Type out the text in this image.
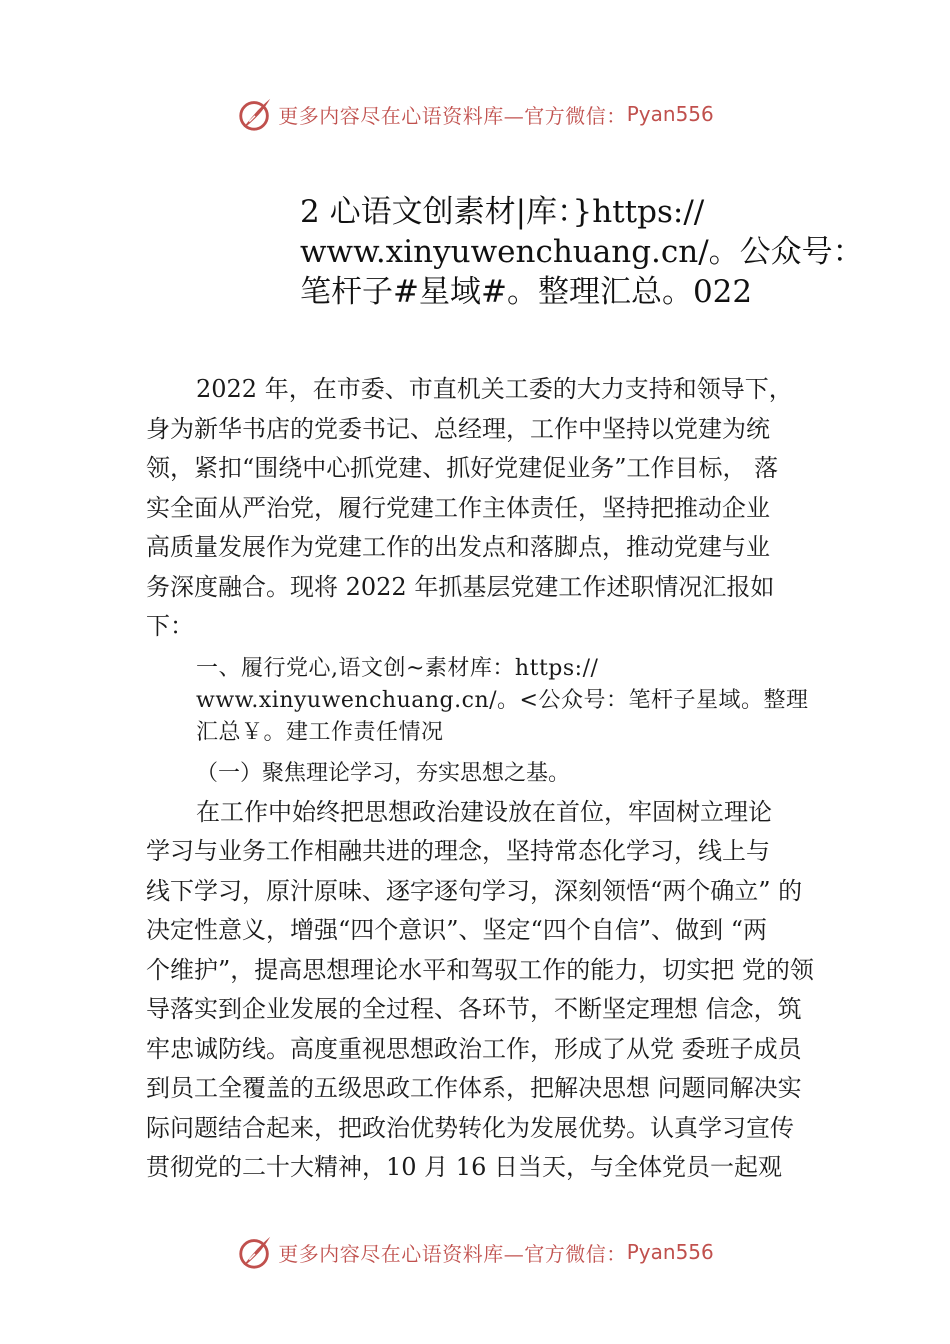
更多内容尽在心语资料库—官方微信： Pyan556
2 心语文创素材|库：}https://
www.xinyuwenchuang.cn/。公众号：
笔杆子#星域#。整理汇总。022

2022 年，在市委、市直机关工委的大力支持和领导下，

身为新华书店的党委书记、总经理，工作中坚持以党建为统

领，紧扣“围绕中心抓党建、抓好党建促业务”工作目标， 落

实全面从严治党，履行党建工作主体责任，坚持把推动企业

高质量发展作为党建工作的出发点和落脚点，推动党建与业

务深度融合。现将 2022 年抓基层党建工作述职情况汇报如

下：

一、履行党心,语文创~素材库：https://
www.xinyuwenchuang.cn/。<公众号：笔杆子星域。整理
汇总￥。建工作责任情况
（一）聚焦理论学习，夯实思想之基。

在工作中始终把思想政治建设放在首位，牢固树立理论

学习与业务工作相融共进的理念，坚持常态化学习，线上与

线下学习，原汁原味、逐字逐句学习，深刻领悟“两个确立” 的

决定性意义，增强“四个意识”、坚定“四个自信”、做到 “两

个维护”，提高思想理论水平和驾驭工作的能力，切实把 党的领

导落实到企业发展的全过程、各环节，不断坚定理想 信念，筑

牢忠诚防线。高度重视思想政治工作，形成了从党 委班子成员

到员工全覆盖的五级思政工作体系，把解决思想 问题同解决实

际问题结合起来，把政治优势转化为发展优势。认真学习宣传

贯彻党的二十大精神，10 月 16 日当天，与全体党员一起观

更多内容尽在心语资料库—官方微信： Pyan556
